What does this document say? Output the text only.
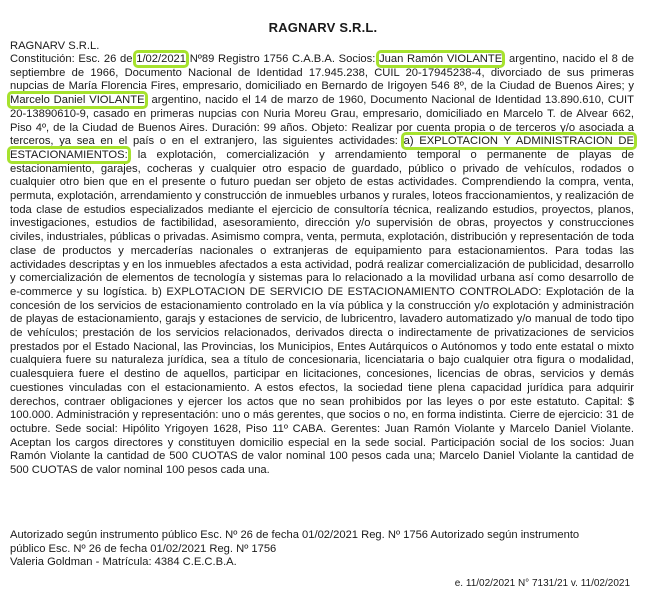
RAGNARV S.R.L.
RAGNARV S.R.L.
Constitución: Esc. 26 de 1/02/2021 Nº89 Registro 1756 C.A.B.A. Socios: Juan Ramón VIOLANTE, argentino, nacido el 8 de septiembre de 1966, Documento Nacional de Identidad 17.945.238, CUIL 20-17945238-4, divorciado de sus primeras nupcias de María Florencia Fires, empresario, domiciliado en Bernardo de Irigoyen 546 8º, de la Ciudad de Buenos Aires; y Marcelo Daniel VIOLANTE, argentino, nacido el 14 de marzo de 1960, Documento Nacional de Identidad 13.890.610, CUIT 20-13890610-9, casado en primeras nupcias con Nuria Moreu Grau, empresario, domiciliado en Marcelo T. de Alvear 662, Piso 4º, de la Ciudad de Buenos Aires. Duración: 99 años. Objeto: Realizar por cuenta propia o de terceros y/o asociada a terceros, ya sea en el país o en el extranjero, las siguientes actividades: a) EXPLOTACION Y ADMINISTRACION DE ESTACIONAMIENTOS: la explotación, comercialización y arrendamiento temporal o permanente de playas de estacionamiento, garajes, cocheras y cualquier otro espacio de guardado, público o privado de vehículos, rodados o cualquier otro bien que en el presente o futuro puedan ser objeto de estas actividades. Comprendiendo la compra, venta, permuta, explotación, arrendamiento y construcción de inmuebles urbanos y rurales, loteos fraccionamientos, y realización de toda clase de estudios especializados mediante el ejercicio de consultoría técnica, realizando estudios, proyectos, planos, investigaciones, estudios de factibilidad, asesoramiento, dirección y/o supervisión de obras, proyectos y construcciones civiles, industriales, públicas o privadas. Asimismo compra, venta, permuta, explotación, distribución y representación de toda clase de productos y mercaderías nacionales o extranjeras de equipamiento para estacionamientos. Para todas las actividades descriptas y en los inmuebles afectados a esta actividad, podrá realizar comercialización de publicidad, desarrollo y comercialización de elementos de tecnología y sistemas para lo relacionado a la movilidad urbana así como desarrollo de e-commerce y su logística. b) EXPLOTACION DE SERVICIO DE ESTACIONAMIENTO CONTROLADO: Explotación de la concesión de los servicios de estacionamiento controlado en la vía pública y la construcción y/o explotación y administración de playas de estacionamiento, garajs y estaciones de servicio, de lubricentro, lavadero automatizado y/o manual de todo tipo de vehículos; prestación de los servicios relacionados, derivados directa o indirectamente de privatizaciones de servicios prestados por el Estado Nacional, las Provincias, los Municipios, Entes Autárquicos o Autónomos y todo ente estatal o mixto cualquiera fuere su naturaleza jurídica, sea a título de concesionaria, licenciataria o bajo cualquier otra figura o modalidad, cualesquiera fuere el destino de aquellos, participar en licitaciones, concesiones, licencias de obras, servicios y demás cuestiones vinculadas con el estacionamiento. A estos efectos, la sociedad tiene plena capacidad jurídica para adquirir derechos, contraer obligaciones y ejercer los actos que no sean prohibidos por las leyes o por este estatuto. Capital: $ 100.000. Administración y representación: uno o más gerentes, que socios o no, en forma indistinta. Cierre de ejercicio: 31 de octubre. Sede social: Hipólito Yrigoyen 1628, Piso 11º CABA. Gerentes: Juan Ramón Violante y Marcelo Daniel Violante. Aceptan los cargos directores y constituyen domicilio especial en la sede social. Participación social de los socios: Juan Ramón Violante la cantidad de 500 CUOTAS de valor nominal 100 pesos cada una; Marcelo Daniel Violante la cantidad de 500 CUOTAS de valor nominal 100 pesos cada una.
Autorizado según instrumento público Esc. Nº 26 de fecha 01/02/2021 Reg. Nº 1756 Autorizado según instrumento
público Esc. Nº 26 de fecha 01/02/2021 Reg. Nº 1756
Valeria Goldman - Matrícula: 4384 C.E.C.B.A.
e. 11/02/2021 N° 7131/21 v. 11/02/2021
